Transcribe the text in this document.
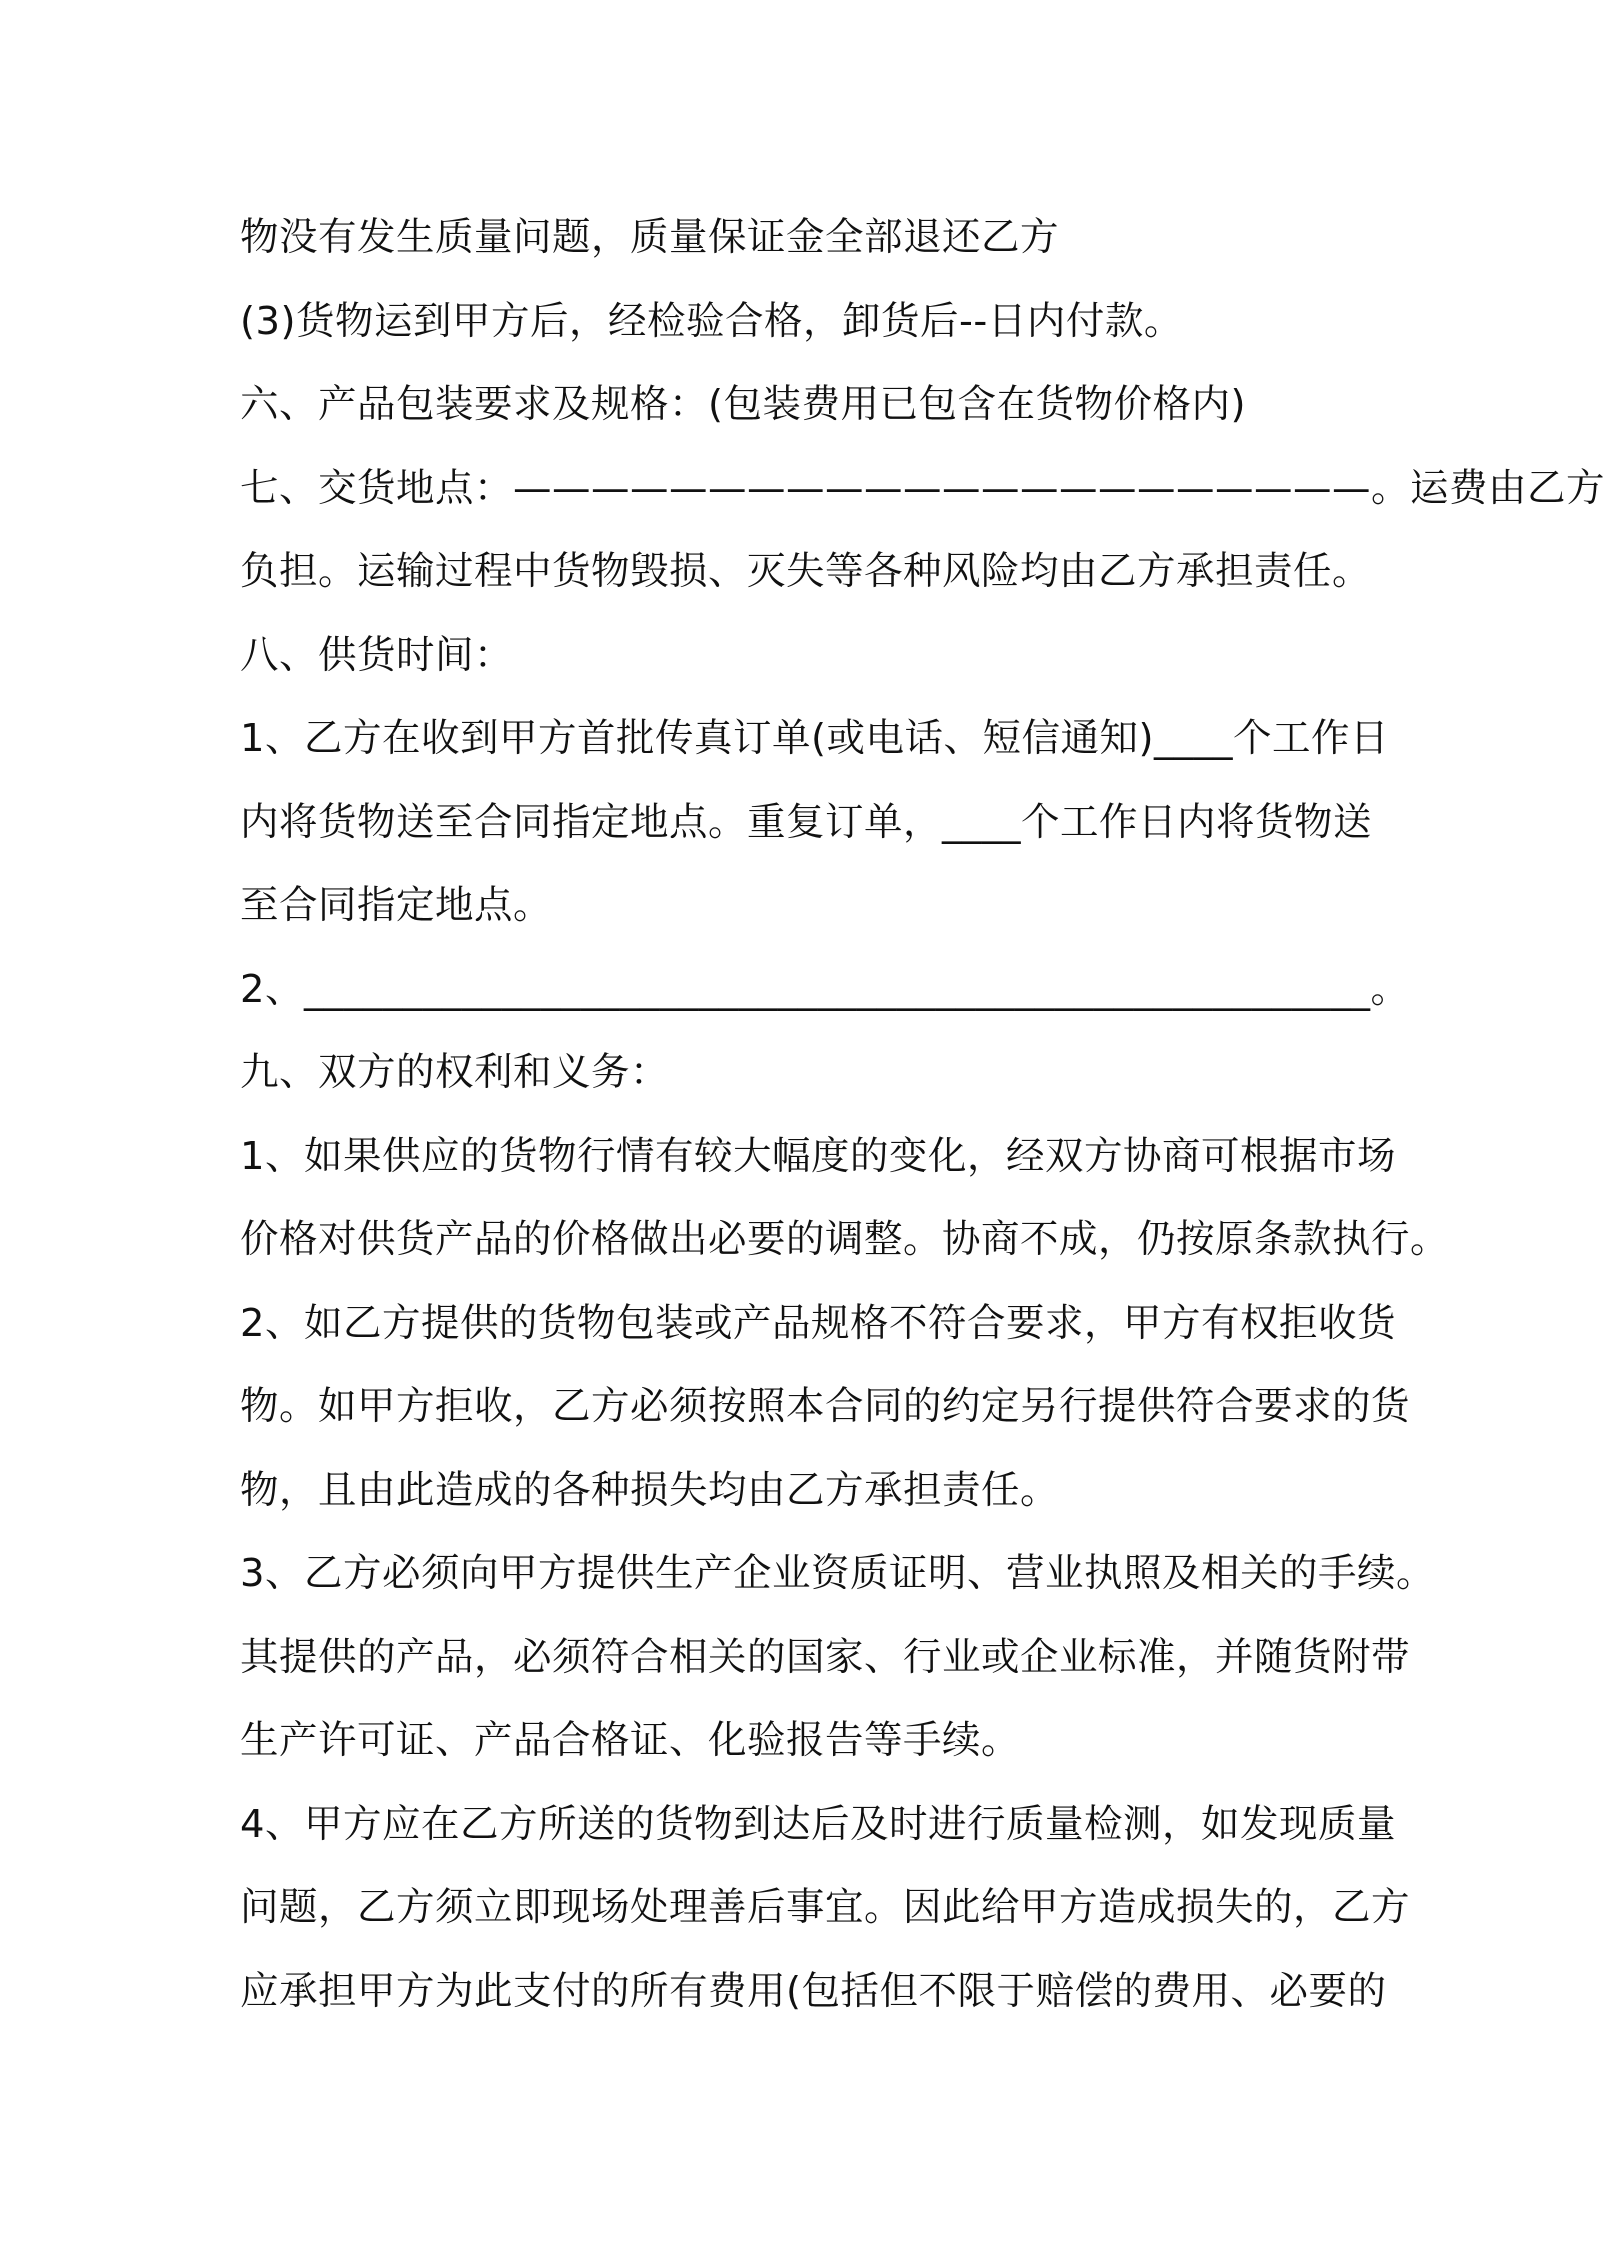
物没有发生质量问题，质量保证金全部退还乙方
(3)货物运到甲方后，经检验合格，卸货后--日内付款。
六、产品包装要求及规格：(包装费用已包含在货物价格内)
七、交货地点：——————————————————————。运费由乙方
负担。运输过程中货物毁损、灭失等各种风险均由乙方承担责任。
八、供货时间：
1、乙方在收到甲方首批传真订单(或电话、短信通知)____个工作日
内将货物送至合同指定地点。重复订单，____个工作日内将货物送
至合同指定地点。
2、______________________________________________________。
九、双方的权利和义务：
1、如果供应的货物行情有较大幅度的变化，经双方协商可根据市场
价格对供货产品的价格做出必要的调整。协商不成，仍按原条款执行。
2、如乙方提供的货物包装或产品规格不符合要求，甲方有权拒收货
物。如甲方拒收，乙方必须按照本合同的约定另行提供符合要求的货
物，且由此造成的各种损失均由乙方承担责任。
3、乙方必须向甲方提供生产企业资质证明、营业执照及相关的手续。
其提供的产品，必须符合相关的国家、行业或企业标准，并随货附带
生产许可证、产品合格证、化验报告等手续。
4、甲方应在乙方所送的货物到达后及时进行质量检测，如发现质量
问题，乙方须立即现场处理善后事宜。因此给甲方造成损失的，乙方
应承担甲方为此支付的所有费用(包括但不限于赔偿的费用、必要的
